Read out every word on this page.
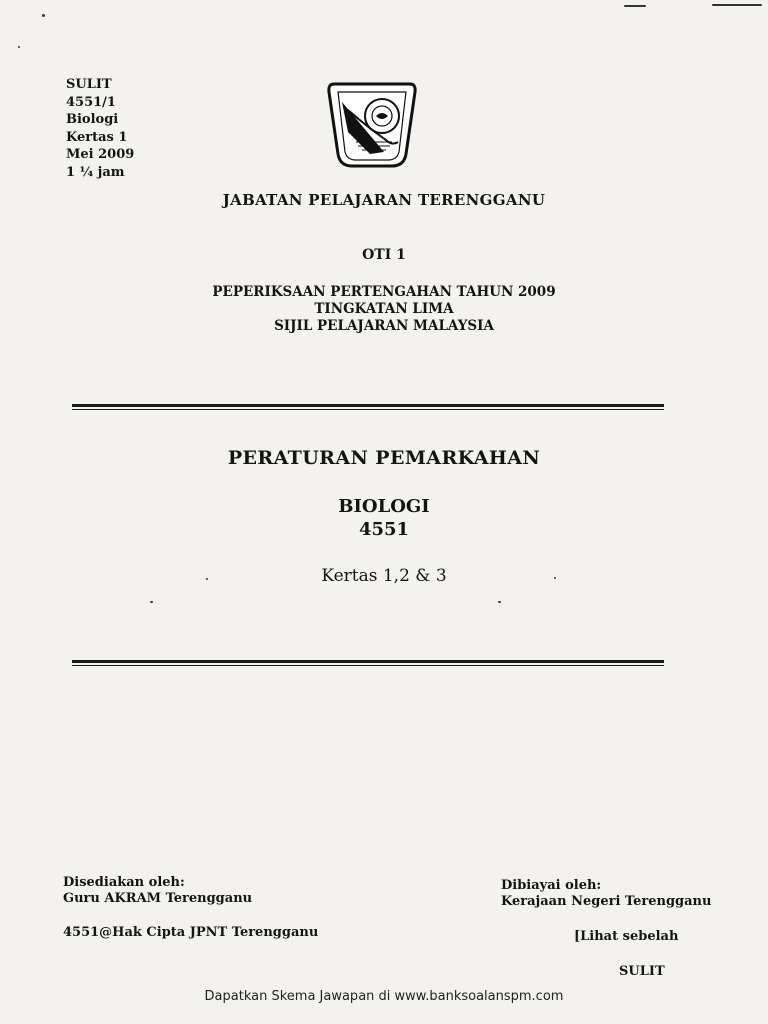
SULIT
4551/1
Biologi
Kertas 1
Mei 2009
1 ¼ jam
JABATAN PELAJARAN TERENGGANU
OTI 1
PEPERIKSAAN PERTENGAHAN TAHUN 2009
TINGKATAN LIMA
SIJIL PELAJARAN MALAYSIA
PERATURAN PEMARKAHAN
BIOLOGI
4551
Kertas 1,2 & 3
Disediakan oleh:
Guru AKRAM Terengganu
4551@Hak Cipta JPNT Terengganu
Dibiayai oleh:
Kerajaan Negeri Terengganu
[Lihat sebelah
SULIT
Dapatkan Skema Jawapan di www.banksoalanspm.com
